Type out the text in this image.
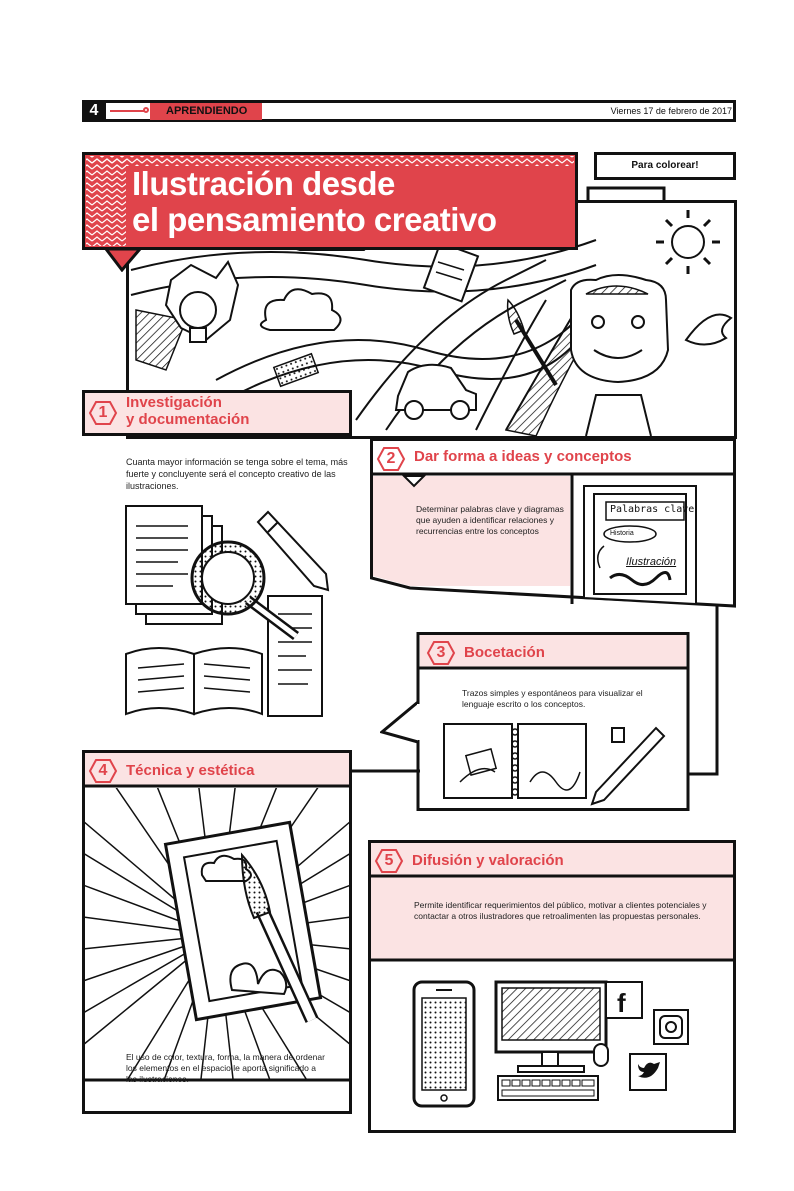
4	APRENDIENDO	Viernes 17 de febrero de 2017
Ilustración desde
el pensamiento creativo
Para colorear!
1
Investigación
y documentación
Cuanta mayor información se tenga sobre el tema, más fuerte y concluyente será el concepto creativo de las ilustraciones.
2	Dar forma a ideas y conceptos
Determinar palabras clave y diagramas que ayuden a identificar relaciones y recurrencias entre los conceptos
Palabras clave
Historia
Ilustración
3	Bocetación
Trazos simples y espontáneos para visualizar el lenguaje escrito o los conceptos.
4	Técnica y estética
El uso de color, textura, forma, la manera de ordenar los elementos en el espacio le aporta significado a las ilustraciones.
f
5	Difusión y valoración
Permite identificar requerimientos del público, motivar a clientes potenciales y contactar a otros ilustradores que retroalimenten las propuestas personales.
